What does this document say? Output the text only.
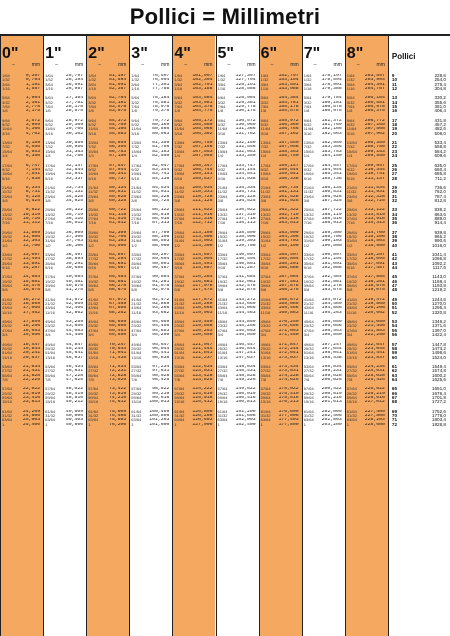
Pollici = Millimetri
0"
–	mm
1/64	0,397
1/32	0,794
3/64	1,191
1/16	1,587
5/64	1,984
3/32	2,381
7/64	2,778
1/8	3,175
9/64	3,572
5/32	3,969
11/64	4,366
3/16	4,762
13/64	5,159
7/32	5,556
15/64	5,953
1/4	6,350
17/64	6,747
9/32	7,144
19/64	7,541
5/16	7,938
21/64	8,334
11/32	8,731
23/64	9,128
3/8	9,525
25/64	9,922
13/32 10,319
27/64 10,716
7/16	11,112
29/64 11,509
15/32 11,906
31/64 12,303
1/2	12,700
33/64 13,097
17/32 13,494
35/64 13,891
9/16	14,287
37/64 14,684
19/32 15,081
39/64 15,478
5/8	15,875
41/64 16,272
21/32 16,669
43/64 17,066
11/16 17,462
45/64 17,859
23/32 18,256
47/64 18,653
3/4	19,050
49/64 19,447
25/32 19,844
51/64 20,241
13/16 20,637
53/64 21,034
27/32 21,431
55/64 21,828
7/8	22,225
57/64 22,622
29/32 23,019
59/64 23,416
15/16 23,813
61/64 24,209
31/32 24,606
63/64 25,003
1	25,400
1"
–	mm
1/64	25,797
1/32	26,194
3/64	26,591
1/16	26,987
5/64	27,384
3/32	27,781
7/64	28,178
1/8	28,575
9/64	28,972
5/32	29,369
11/64 29,766
3/16	30,162
13/64 30,559
7/32	30,956
15/64 31,353
1/4	31,750
17/64 32,147
9/32	32,544
19/64 32,941
5/16	33,337
21/64 33,734
11/32 34,131
23/64 34,528
3/8	34,925
25/64 35,322
13/32 35,719
27/64 36,116
7/16	36,512
29/64 36,909
15/32 37,306
31/64 37,703
1/2	38,100
33/64 38,497
17/32 38,894
35/64 39,291
9/16	39,688
37/64 40,084
19/32 40,481
39/64 40,878
5/8	41,275
41/64 41,672
21/32 42,069
43/64 42,466
11/16 42,862
45/64 43,259
23/32 43,656
47/64 44,053
3/4	44,450
49/64 44,847
25/32 45,244
51/64 45,641
13/16 46,037
53/64 46,434
27/32 46,831
55/64 47,228
7/8	47,625
57/64 48,022
29/32 48,419
59/64 48,816
15/16 49,212
61/64 49,609
31/32 50,006
63/64 50,403
1	50,800
2"
–	mm
1/64	51,197
1/32	51,594
3/64	51,991
1/16	52,387
5/64	52,784
3/32	53,181
7/64	53,578
1/8	53,975
9/64	54,372
5/32	54,769
11/64 55,166
3/16	55,563
13/64 55,959
7/32	56,356
15/64 56,753
1/4	57,150
17/64 57,547
9/32	57,944
19/64 58,341
5/16	58,737
21/64 59,134
11/32 59,531
23/64 59,928
3/8	60,325
25/64 60,722
13/32 61,119
27/64 61,516
7/16	61,912
29/64 62,309
15/32 62,706
31/64 63,103
1/2	63,500
33/64 63,897
17/32 64,294
35/64 64,691
9/16	65,087
37/64 65,484
19/32 65,881
39/64 66,278
5/8	66,675
41/64 67,072
21/32 67,469
43/64 67,866
11/16 68,262
45/64 68,659
23/32 69,056
47/64 69,453
3/4	69,850
49/64 70,247
25/32 70,644
51/64 71,041
13/16 71,438
53/64 71,834
27/32 72,231
55/64 72,628
7/8	73,025
57/64 73,422
29/32 73,819
59/64 74,216
15/16 74,612
61/64 75,009
31/32 75,406
63/64 75,803
1	76,200
3"
–	mm
1/64	76,597
1/32	76,994
3/64	77,391
1/16	77,788
5/64	78,184
3/32	78,581
7/64	78,978
1/8	79,375
9/64	79,772
5/32	80,169
11/64 80,566
3/16	80,963
13/64 81,359
7/32	81,756
15/64 82,153
1/4	82,550
17/64 82,947
9/32	83,344
19/64 83,741
5/16	84,138
21/64 84,534
11/32 84,931
23/64 85,328
3/8	85,725
25/64 86,122
13/32 86,519
27/64 86,916
7/16	87,313
29/64 87,709
15/32 88,106
31/64 88,503
1/2	88,900
33/64 89,297
17/32 89,694
35/64 90,091
9/16	90,487
37/64 90,884
19/32 91,281
39/64 91,678
5/8	92,075
41/64 92,472
21/32 92,869
43/64 93,266
11/16 93,662
45/64 94,059
23/32 94,456
47/64 94,853
3/4	95,250
49/64 95,647
25/32 96,044
51/64 96,441
13/16 96,838
53/64 97,234
27/32 97,631
55/64 98,028
7/8	98,425
57/64 98,822
29/32 99,219
59/64 99,616
15/16 100,013
61/64 100,409
31/32 100,806
63/64 101,203
1	101,600
4"
–	mm
1/64 101,997
1/32 102,394
3/64 102,791
1/16 103,188
5/64 103,584
3/32 103,981
7/64 104,378
1/8	104,775
9/64 105,172
5/32 105,569
11/64 105,966
3/16 106,362
13/64 106,759
7/32 107,156
15/64 107,553
1/4	107,950
17/64 108,347
9/32 108,744
19/64 109,141
5/16 109,537
21/64 109,934
11/32 110,331
23/64 110,728
3/8	111,125
25/64 111,522
13/32 111,919
27/64 112,316
7/16 112,712
29/64 113,109
15/32 113,506
31/64 113,903
1/2	114,300
33/64 114,697
17/32 115,094
35/64 115,491
9/16 115,887
37/64 116,284
19/32 116,681
39/64 117,078
5/8	117,475
41/64 117,872
21/32 118,269
43/64 118,666
11/16 119,063
45/64 119,459
23/32 119,856
47/64 120,253
3/4	120,650
49/64 121,047
25/32 121,444
51/64 121,841
13/16 122,237
53/64 122,634
27/32 123,031
55/64 123,428
7/8	123,825
57/64 124,222
29/32 124,619
59/64 125,016
15/16 125,412
61/64 125,809
31/32 126,206
63/64 126,603
1	127,000
5"
–	mm
1/64 127,397
1/32 127,794
3/64 128,191
1/16 128,588
5/64 128,984
3/32 129,381
7/64 129,778
1/8	130,175
9/64 130,572
5/32 130,969
11/64 131,366
3/16 131,762
13/64 132,159
7/32 132,556
15/64 132,953
1/4	133,350
17/64 133,747
9/32 134,144
19/64 134,541
5/16 134,938
21/64 135,334
11/32 135,731
23/64 136,128
3/8	136,525
25/64 136,922
13/32 137,319
27/64 137,716
7/16 138,113
29/64 138,509
15/32 138,906
31/64 139,303
1/2	139,700
33/64 140,097
17/32 140,494
35/64 140,891
9/16 141,287
37/64 141,684
19/32 142,081
39/64 142,478
5/8	142,875
41/64 143,272
21/32 143,669
43/64 144,066
11/16 144,463
45/64 144,859
23/32 145,256
47/64 145,653
3/4	146,050
49/64 146,447
25/32 146,844
51/64 147,241
13/16 147,637
53/64 148,034
27/32 148,431
55/64 148,828
7/8	149,225
57/64 149,622
29/32 150,019
59/64 150,416
15/16 150,813
61/64 151,209
31/32 151,606
63/64 152,003
1	152,400
6"
–	mm
1/64 152,797
1/32 153,194
3/64 153,591
1/16 153,988
5/64 154,384
3/32 154,781
7/64 155,178
1/8	155,575
9/64 155,972
5/32 156,369
11/64 156,766
3/16 157,162
13/64 157,559
7/32 157,956
15/64 158,353
1/4	158,750
17/64 159,147
9/32 159,544
19/64 159,941
5/16 160,338
21/64 160,734
11/32 161,131
23/64 161,528
3/8	161,925
25/64 162,322
13/32 162,719
27/64 163,116
7/16 163,513
29/64 163,909
15/32 164,306
31/64 164,703
1/2	165,100
33/64 165,497
17/32 165,894
35/64 166,291
9/16 166,688
37/64 167,084
19/32 167,481
39/64 167,878
5/8	168,275
41/64 168,672
21/32 169,069
43/64 169,466
11/16 169,863
45/64 170,259
23/32 170,656
47/64 171,053
3/4	171,450
49/64 171,847
25/32 172,244
51/64 172,641
13/16 173,037
53/64 173,434
27/32 173,831
55/64 174,228
7/8	174,625
57/64 175,022
29/32 175,419
59/64 175,816
15/16 176,213
61/64 176,609
31/32 177,006
63/64 177,403
1	177,800
7"
–	mm
1/64 178,197
1/32 178,594
3/64 178,991
1/16 179,388
5/64 179,784
3/32 180,181
7/64 180,578
1/8	180,975
9/64 181,372
5/32 181,769
11/64 182,166
3/16 182,563
13/64 182,959
7/32 183,356
15/64 183,753
1/4	184,150
17/64 184,547
9/32 184,944
19/64 185,341
5/16 185,738
21/64 186,134
11/32 186,531
23/64 186,928
3/8	187,325
25/64 187,722
13/32 188,119
27/64 188,516
7/16 188,913
29/64 189,309
15/32 189,706
31/64 190,103
1/2	190,500
33/64 190,897
17/32 191,294
35/64 191,691
9/16 192,088
37/64 192,484
19/32 192,881
39/64 193,278
5/8	193,675
41/64 194,072
21/32 194,469
43/64 194,866
11/16 195,263
45/64 195,659
23/32 196,056
47/64 196,453
3/4	196,850
49/64 197,247
25/32 197,644
51/64 198,041
13/16 198,438
53/64 198,834
27/32 199,231
55/64 199,628
7/8	200,025
57/64 200,422
29/32 200,819
59/64 201,216
15/16 201,613
61/64 202,009
31/32 202,406
63/64 202,803
1	203,200
8"
–	mm
1/64 203,597
1/32 203,994
3/64 204,391
1/16 204,787
5/64 205,184
3/32 205,581
7/64 205,978
1/8	206,375
9/64 206,772
5/32 207,169
11/64 207,566
3/16 207,962
13/64 208,359
7/32 208,756
15/64 209,153
1/4	209,550
17/64 209,947
9/32 210,344
19/64 210,741
5/16 211,137
21/64 211,534
11/32 211,931
23/64 212,328
3/8	212,725
25/64 213,122
13/32 213,519
27/64 213,916
7/16 214,313
29/64 214,709
15/32 215,106
31/64 215,503
1/2	215,900
33/64 216,297
17/32 216,694
35/64 217,091
9/16 217,487
37/64 217,884
19/32 218,281
39/64 218,678
5/8	219,075
41/64 219,472
21/32 219,869
43/64 220,266
11/16 220,662
45/64 221,059
23/32 221,456
47/64 221,853
3/4	222,250
49/64 222,647
25/32 223,044
51/64 223,441
13/16 223,837
53/64 224,234
27/32 224,631
55/64 225,028
7/8	225,425
57/64 225,822
29/32 226,219
59/64 226,616
15/16 227,012
61/64 227,409
31/32 227,806
63/64 228,203
1	228,600
Pollici
9	228,6
10	254,0
11	279,4
12	304,8
13	330,2
14	355,6
15	381,0
16	406,4
17	431,8
18	457,2
19	482,6
20	508,0
21	533,4
22	558,8
23	584,2
24	609,6
25	635,0
26	660,4
27	685,8
28	711,2
29	736,6
30	762,0
31	787,4
32	812,8
33	838,2
34	863,6
35	889,0
36	914,4
37	939,8
38	965,2
39	990,6
40	1016,0
41	1041,4
42	1066,8
43	1092,2
44	1117,6
45	1143,0
46	1168,4
47	1193,8
48	1219,2
49	1244,6
50	1270,0
51	1295,4
52	1320,8
53	1346,2
54	1371,6
55	1397,0
56	1422,4
57	1447,8
58	1473,2
59	1498,6
60	1524,0
61	1549,4
62	1574,8
63	1600,2
64	1625,6
65	1651,0
66	1676,4
67	1701,8
68	1727,2
69	1752,6
70	1778,0
71	1803,4
72	1828,8
